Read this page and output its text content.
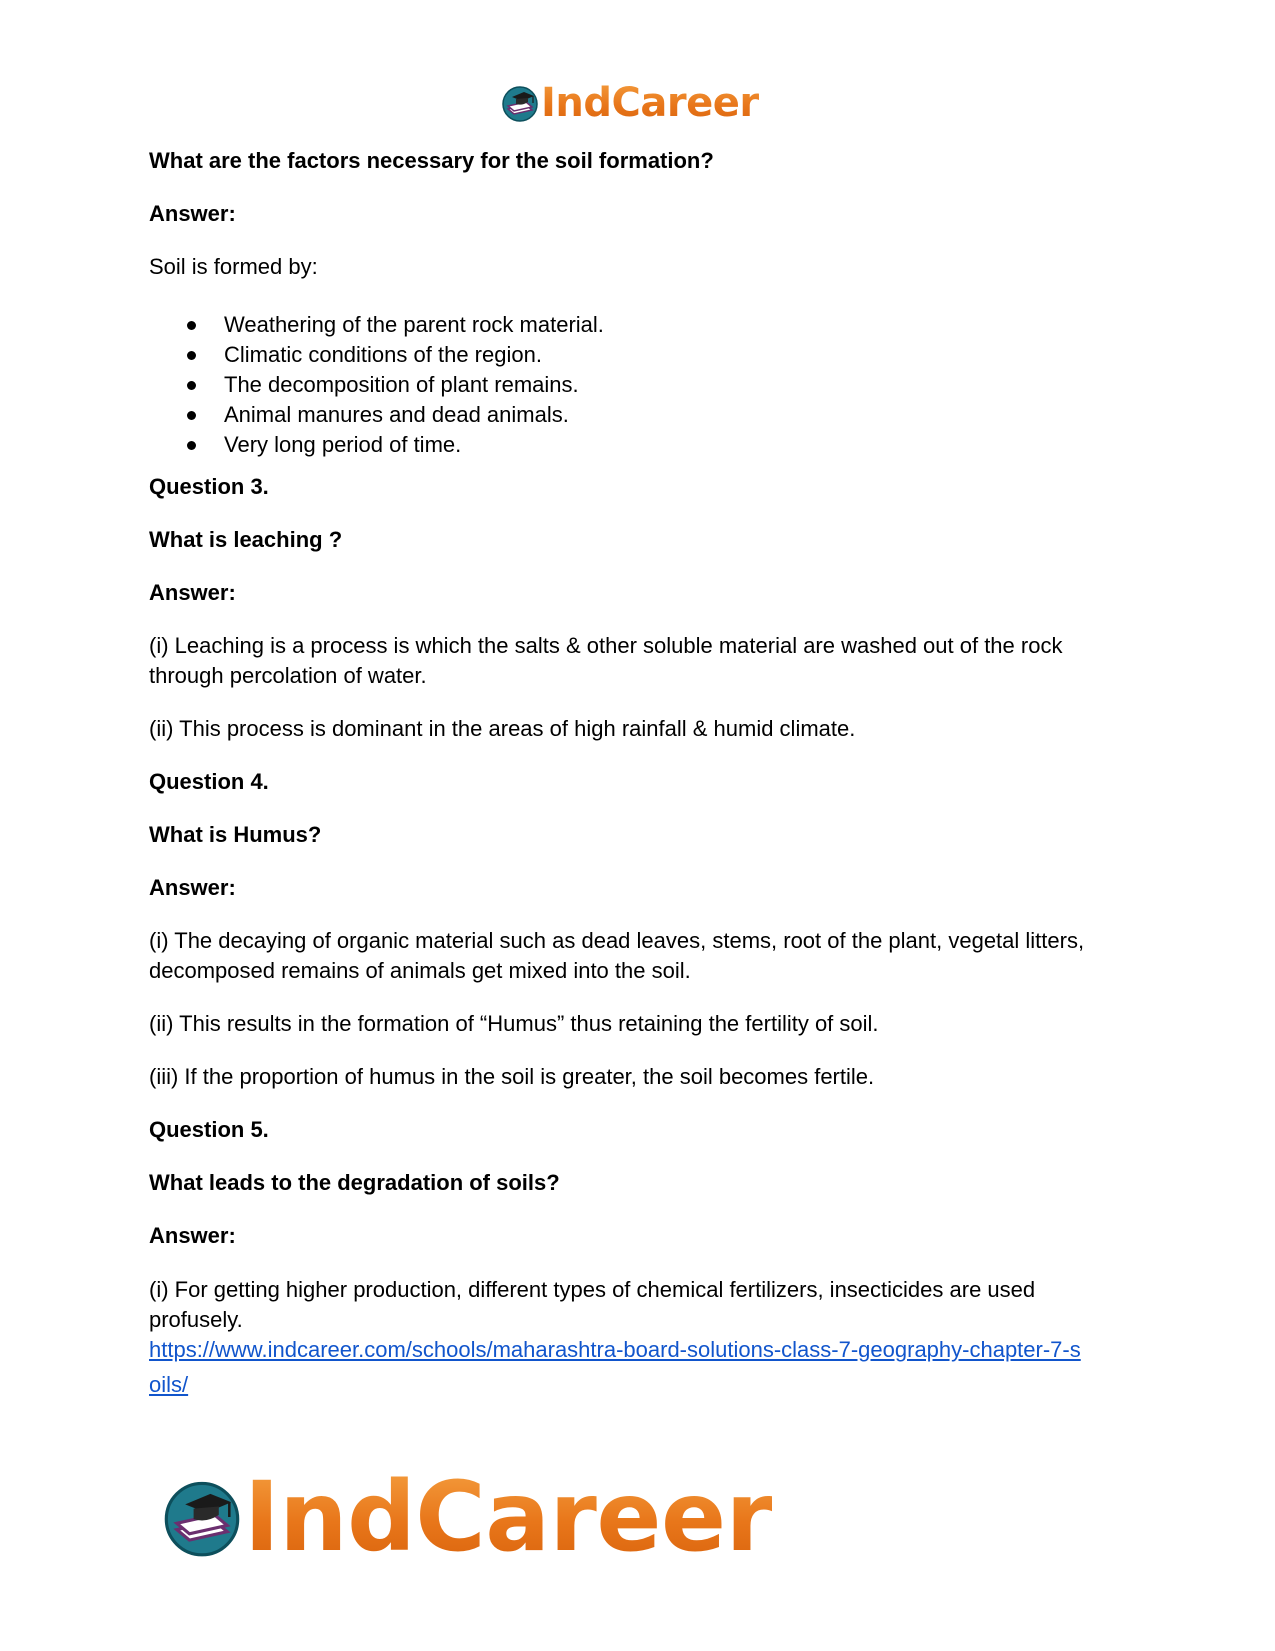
IndCareer
What are the factors necessary for the soil formation?
Answer:
Soil is formed by:
Weathering of the parent rock material.
Climatic conditions of the region.
The decomposition of plant remains.
Animal manures and dead animals.
Very long period of time.
Question 3.
What is leaching ?
Answer:
(i) Leaching is a process is which the salts & other soluble material are washed out of the rock
through percolation of water.
(ii) This process is dominant in the areas of high rainfall & humid climate.
Question 4.
What is Humus?
Answer:
(i) The decaying of organic material such as dead leaves, stems, root of the plant, vegetal litters,
decomposed remains of animals get mixed into the soil.
(ii) This results in the formation of “Humus” thus retaining the fertility of soil.
(iii) If the proportion of humus in the soil is greater, the soil becomes fertile.
Question 5.
What leads to the degradation of soils?
Answer:
(i) For getting higher production, different types of chemical fertilizers, insecticides are used
profusely.
https://www.indcareer.com/schools/maharashtra-board-solutions-class-7-geography-chapter-7-s
oils/
IndCareer
